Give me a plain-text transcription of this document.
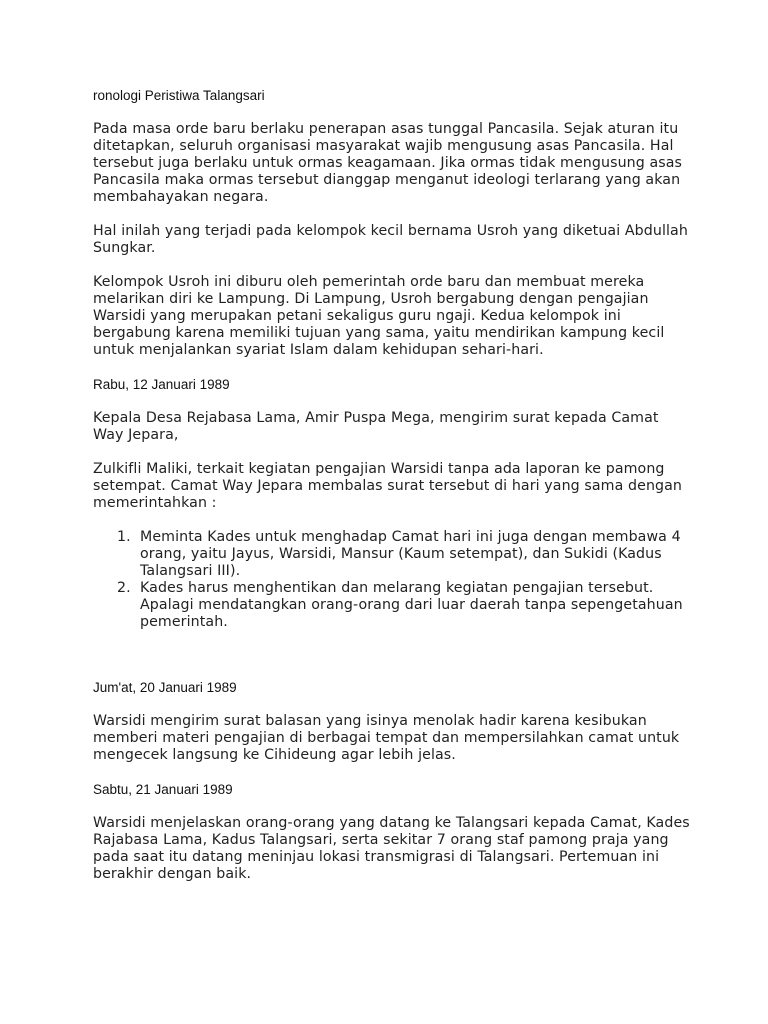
ronologi Peristiwa Talangsari

Pada masa orde baru berlaku penerapan asas tunggal Pancasila. Sejak aturan itu ditetapkan, seluruh organisasi masyarakat wajib mengusung asas Pancasila. Hal tersebut juga berlaku untuk ormas keagamaan. Jika ormas tidak mengusung asas Pancasila maka ormas tersebut dianggap menganut ideologi terlarang yang akan membahayakan negara.

Hal inilah yang terjadi pada kelompok kecil bernama Usroh yang diketuai Abdullah Sungkar.

Kelompok Usroh ini diburu oleh pemerintah orde baru dan membuat mereka melarikan diri ke Lampung. Di Lampung, Usroh bergabung dengan pengajian Warsidi yang merupakan petani sekaligus guru ngaji. Kedua kelompok ini bergabung karena memiliki tujuan yang sama, yaitu mendirikan kampung kecil untuk menjalankan syariat Islam dalam kehidupan sehari-hari.

Rabu, 12 Januari 1989

Kepala Desa Rejabasa Lama, Amir Puspa Mega, mengirim surat kepada Camat Way Jepara,

Zulkifli Maliki, terkait kegiatan pengajian Warsidi tanpa ada laporan ke pamong setempat. Camat Way Jepara membalas surat tersebut di hari yang sama dengan memerintahkan :

1. Meminta Kades untuk menghadap Camat hari ini juga dengan membawa 4 orang, yaitu Jayus, Warsidi, Mansur (Kaum setempat), dan Sukidi (Kadus Talangsari III).
2. Kades harus menghentikan dan melarang kegiatan pengajian tersebut. Apalagi mendatangkan orang-orang dari luar daerah tanpa sepengetahuan pemerintah.

Jum'at, 20 Januari 1989

Warsidi mengirim surat balasan yang isinya menolak hadir karena kesibukan memberi materi pengajian di berbagai tempat dan mempersilahkan camat untuk mengecek langsung ke Cihideung agar lebih jelas.

Sabtu, 21 Januari 1989

Warsidi menjelaskan orang-orang yang datang ke Talangsari kepada Camat, Kades Rajabasa Lama, Kadus Talangsari, serta sekitar 7 orang staf pamong praja yang pada saat itu datang meninjau lokasi transmigrasi di Talangsari. Pertemuan ini berakhir dengan baik.
